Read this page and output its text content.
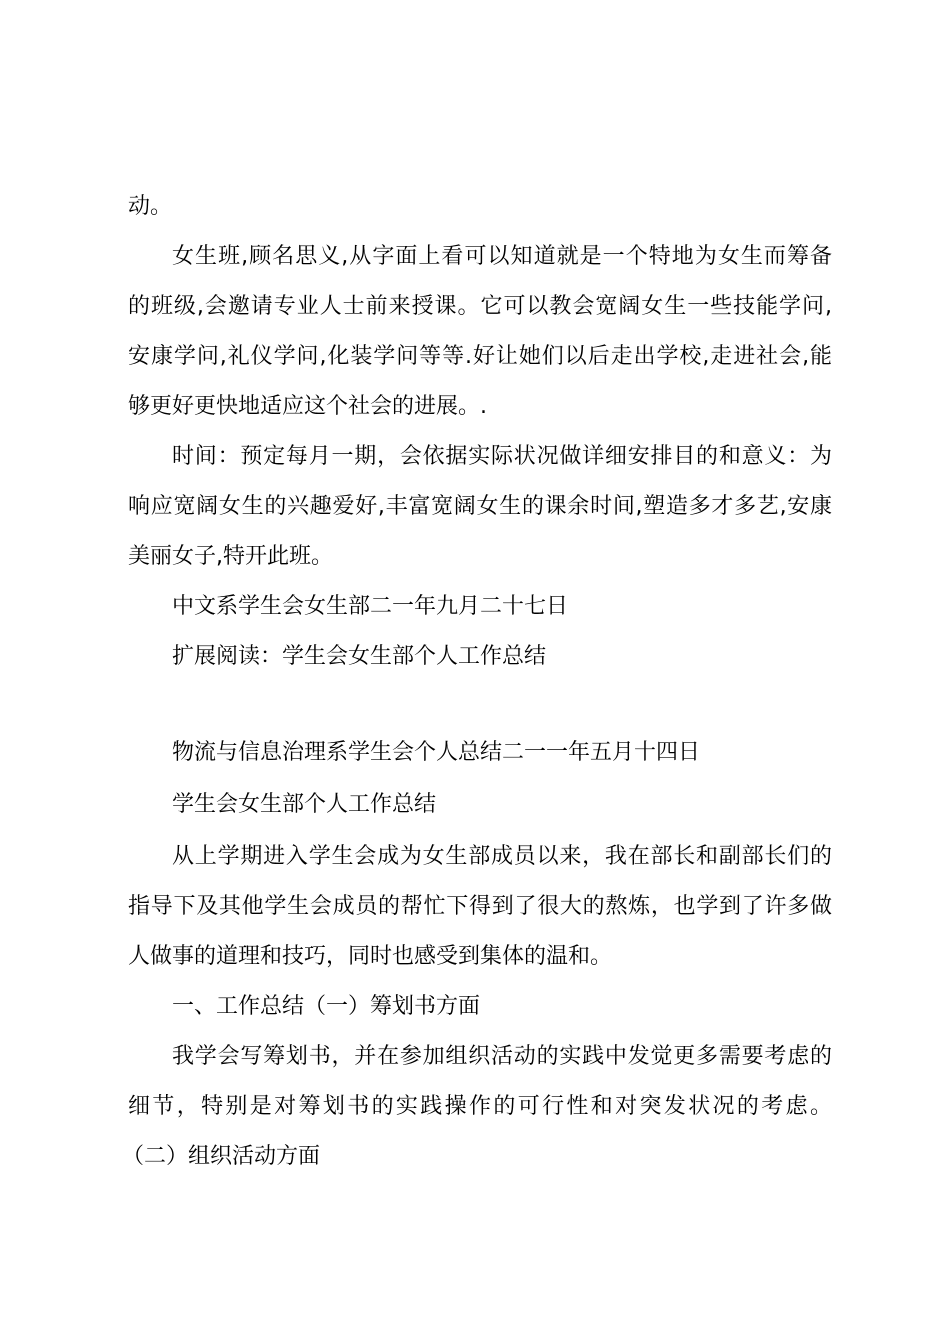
动。
女生班,顾名思义,从字面上看可以知道就是一个特地为女生而筹备
的班级,会邀请专业人士前来授课。它可以教会宽阔女生一些技能学问,
安康学问,礼仪学问,化装学问等等.好让她们以后走出学校,走进社会,能
够更好更快地适应这个社会的进展。.
时间：预定每月一期，会依据实际状况做详细安排目的和意义：为
响应宽阔女生的兴趣爱好,丰富宽阔女生的课余时间,塑造多才多艺,安康
美丽女子,特开此班。
中文系学生会女生部二一年九月二十七日
扩展阅读：学生会女生部个人工作总结
物流与信息治理系学生会个人总结二一一年五月十四日
学生会女生部个人工作总结
从上学期进入学生会成为女生部成员以来，我在部长和副部长们的
指导下及其他学生会成员的帮忙下得到了很大的熬炼，也学到了许多做
人做事的道理和技巧，同时也感受到集体的温和。
一、工作总结（一）筹划书方面
我学会写筹划书，并在参加组织活动的实践中发觉更多需要考虑的
细节，特别是对筹划书的实践操作的可行性和对突发状况的考虑。
（二）组织活动方面
